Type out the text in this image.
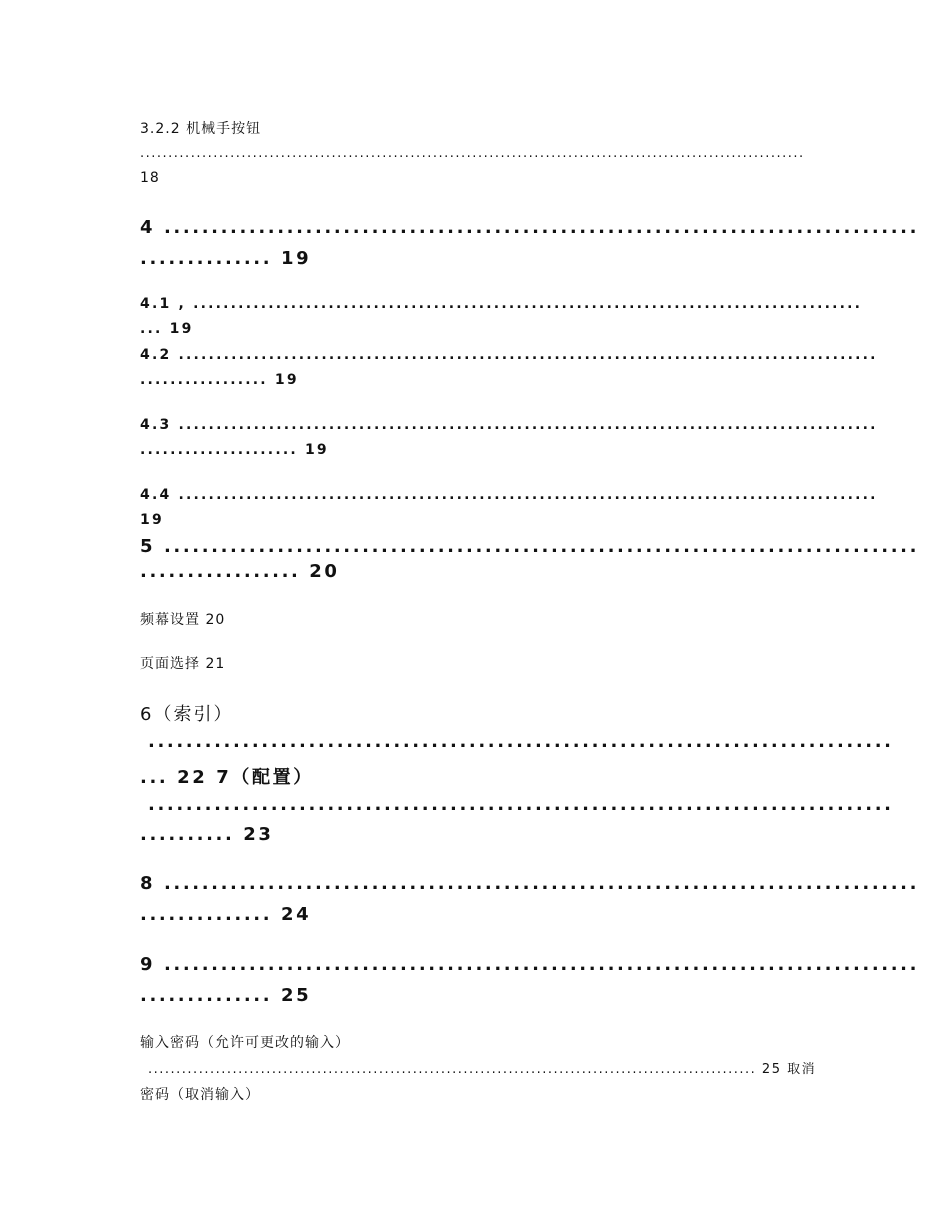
3.2.2 机械手按钮
......................................................................................................................
18
4 ................................................................................
.............. 19
4.1 , .........................................................................................
... 19
4.2 .............................................................................................
................. 19
4.3 .............................................................................................
..................... 19
4.4 .............................................................................................
19
5 ................................................................................
................. 20
频幕设置 20
页面选择 21
6（索引）
...............................................................................
... 22 7（配置）
...............................................................................
.......... 23
8 ................................................................................
.............. 24
9 ................................................................................
.............. 25
输入密码（允许可更改的输入）
............................................................................................................ 25 取消
密码（取消输入）
